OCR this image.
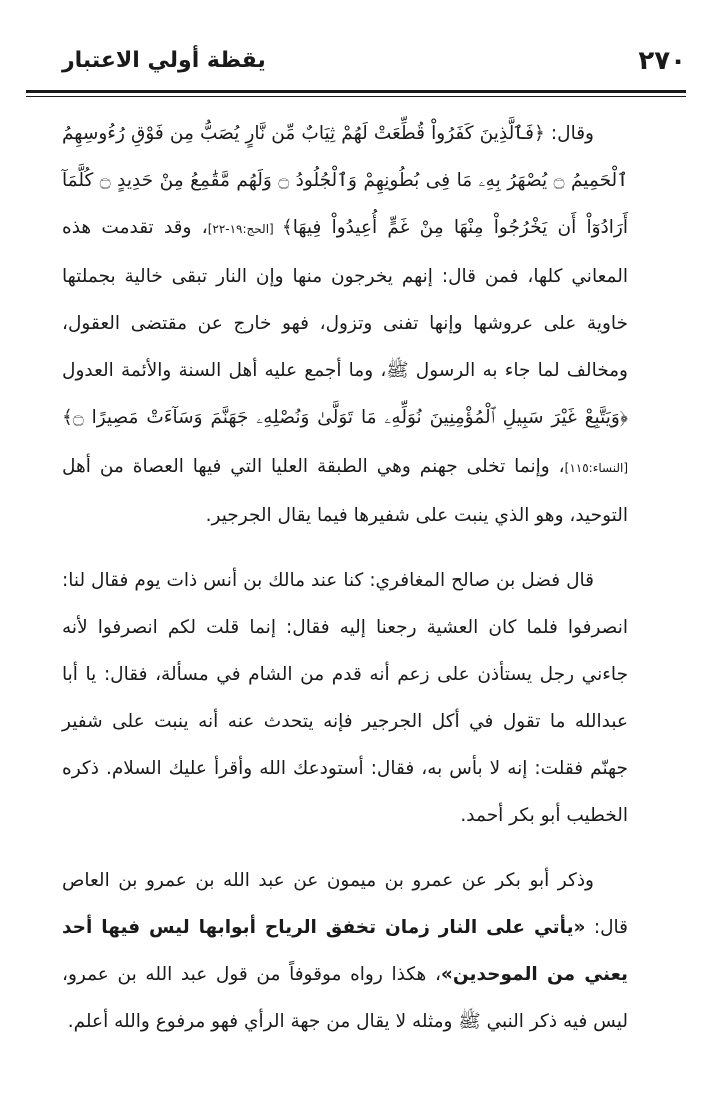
٢٧٠
يقظة أولي الاعتبار

وقال: ﴿فَٱلَّذِينَ كَفَرُواْ قُطِّعَتْ لَهُمْ ثِيَابٌ مِّن نَّارٍ يُصَبُّ مِن فَوْقِ رُءُوسِهِمُ ٱلْحَمِيمُ ۝ يُصْهَرُ بِهِۦ مَا فِى بُطُونِهِمْ وَٱلْجُلُودُ ۝ وَلَهُم مَّقَٰمِعُ مِنْ حَدِيدٍ ۝ كُلَّمَآ أَرَادُوٓاْ أَن يَخْرُجُواْ مِنْهَا مِنْ غَمٍّ أُعِيدُواْ فِيهَا﴾ [الحج:١٩-٢٢]، وقد تقدمت هذه المعاني كلها، فمن قال: إنهم يخرجون منها وإن النار تبقى خالية بجملتها خاوية على عروشها وإنها تفنى وتزول، فهو خارج عن مقتضى العقول، ومخالف لما جاء به الرسول ﷺ، وما أجمع عليه أهل السنة والأئمة العدول ﴿وَيَتَّبِعْ غَيْرَ سَبِيلِ ٱلْمُؤْمِنِينَ نُوَلِّهِۦ مَا تَوَلَّىٰ وَنُصْلِهِۦ جَهَنَّمَ وَسَآءَتْ مَصِيرًا ۝﴾ [النساء:١١٥]، وإنما تخلى جهنم وهي الطبقة العليا التي فيها العصاة من أهل التوحيد، وهو الذي ينبت على شفيرها فيما يقال الجرجير.

قال فضل بن صالح المغافري: كنا عند مالك بن أنس ذات يوم فقال لنا: انصرفوا فلما كان العشية رجعنا إليه فقال: إنما قلت لكم انصرفوا لأنه جاءني رجل يستأذن على زعم أنه قدم من الشام في مسألة، فقال: يا أبا عبدالله ما تقول في أكل الجرجير فإنه يتحدث عنه أنه ينبت على شفير جهنّم فقلت: إنه لا بأس به، فقال: أستودعك الله وأقرأ عليك السلام. ذكره الخطيب أبو بكر أحمد.

وذكر أبو بكر عن عمرو بن ميمون عن عبد الله بن عمرو بن العاص قال: «يأتي على النار زمان تخفق الرياح أبوابها ليس فيها أحد يعني من الموحدين»، هكذا رواه موقوفاً من قول عبد الله بن عمرو، ليس فيه ذكر النبي ﷺ ومثله لا يقال من جهة الرأي فهو مرفوع والله أعلم.
